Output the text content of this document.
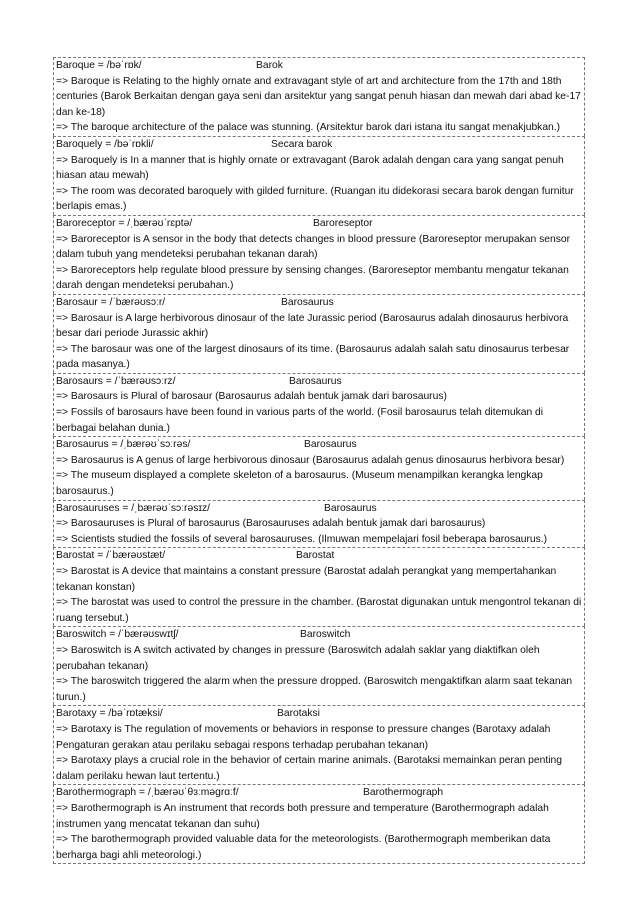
Baroque = /bəˈrɒk/	Barok
=> Baroque is Relating to the highly ornate and extravagant style of art and architecture from the 17th and 18th centuries (Barok Berkaitan dengan gaya seni dan arsitektur yang sangat penuh hiasan dan mewah dari abad ke-17 dan ke-18)
=> The baroque architecture of the palace was stunning. (Arsitektur barok dari istana itu sangat menakjubkan.)
Baroquely = /bəˈrɒkli/	Secara barok
=> Baroquely is In a manner that is highly ornate or extravagant (Barok adalah dengan cara yang sangat penuh hiasan atau mewah)
=> The room was decorated baroquely with gilded furniture. (Ruangan itu didekorasi secara barok dengan furnitur berlapis emas.)
Baroreceptor = /ˌbærəʊˈrɛptə/	Baroreseptor
=> Baroreceptor is A sensor in the body that detects changes in blood pressure (Baroreseptor merupakan sensor dalam tubuh yang mendeteksi perubahan tekanan darah)
=> Baroreceptors help regulate blood pressure by sensing changes. (Baroreseptor membantu mengatur tekanan darah dengan mendeteksi perubahan.)
Barosaur = /ˈbærəʊsɔːr/	Barosaurus
=> Barosaur is A large herbivorous dinosaur of the late Jurassic period (Barosaurus adalah dinosaurus herbivora besar dari periode Jurassic akhir)
=> The barosaur was one of the largest dinosaurs of its time. (Barosaurus adalah salah satu dinosaurus terbesar pada masanya.)
Barosaurs = /ˈbærəʊsɔːrz/	Barosaurus
=> Barosaurs is Plural of barosaur (Barosaurus adalah bentuk jamak dari barosaurus)
=> Fossils of barosaurs have been found in various parts of the world. (Fosil barosaurus telah ditemukan di berbagai belahan dunia.)
Barosaurus = /ˌbærəʊˈsɔːrəs/	Barosaurus
=> Barosaurus is A genus of large herbivorous dinosaur (Barosaurus adalah genus dinosaurus herbivora besar)
=> The museum displayed a complete skeleton of a barosaurus. (Museum menampilkan kerangka lengkap barosaurus.)
Barosauruses = /ˌbærəʊˈsɔːrəsɪz/	Barosaurus
=> Barosauruses is Plural of barosaurus (Barosauruses adalah bentuk jamak dari barosaurus)
=> Scientists studied the fossils of several barosauruses. (Ilmuwan mempelajari fosil beberapa barosaurus.)
Barostat = /ˈbærəʊstæt/	Barostat
=> Barostat is A device that maintains a constant pressure (Barostat adalah perangkat yang mempertahankan tekanan konstan)
=> The barostat was used to control the pressure in the chamber. (Barostat digunakan untuk mengontrol tekanan di ruang tersebut.)
Baroswitch = /ˈbærəʊswɪtʃ/	Baroswitch
=> Baroswitch is A switch activated by changes in pressure (Baroswitch adalah saklar yang diaktifkan oleh perubahan tekanan)
=> The baroswitch triggered the alarm when the pressure dropped. (Baroswitch mengaktifkan alarm saat tekanan turun.)
Barotaxy = /bəˈrɒtæksi/	Barotaksi
=> Barotaxy is The regulation of movements or behaviors in response to pressure changes (Barotaxy adalah Pengaturan gerakan atau perilaku sebagai respons terhadap perubahan tekanan)
=> Barotaxy plays a crucial role in the behavior of certain marine animals. (Barotaksi memainkan peran penting dalam perilaku hewan laut tertentu.)
Barothermograph = /ˌbærəʊˈθɜːməɡrɑːf/	Barothermograph
=> Barothermograph is An instrument that records both pressure and temperature (Barothermograph adalah instrumen yang mencatat tekanan dan suhu)
=> The barothermograph provided valuable data for the meteorologists. (Barothermograph memberikan data berharga bagi ahli meteorologi.)
